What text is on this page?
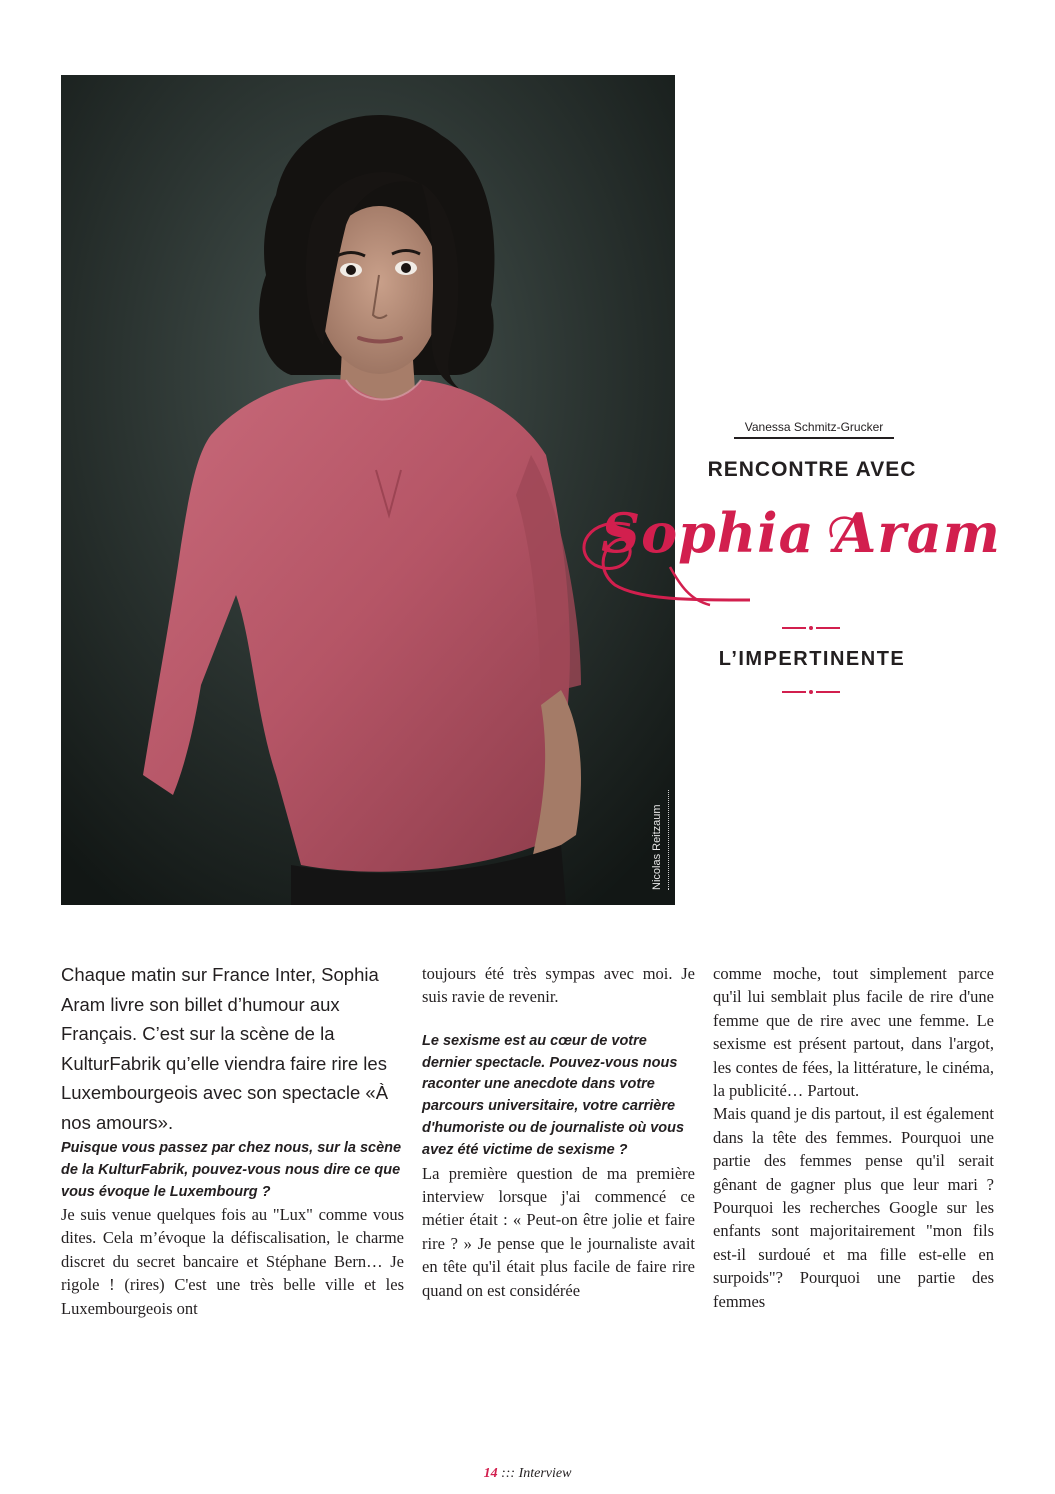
Nicolas Reitzaum
Vanessa Schmitz-Grucker
RENCONTRE AVEC
Sophia Aram
L’IMPERTINENTE

Chaque matin sur France Inter, Sophia Aram livre son billet d’humour aux Français. C’est sur la scène de la KulturFabrik qu’elle viendra faire rire les Luxembourgeois avec son spectacle «À nos amours».

Puisque vous passez par chez nous, sur la scène de la KulturFabrik, pouvez-vous nous dire ce que vous évoque le Luxembourg ?

Je suis venue quelques fois au "Lux" comme vous dites. Cela m’évoque la défiscalisation, le charme discret du secret bancaire et Stéphane Bern… Je rigole ! (rires) C'est une très belle ville et les Luxembourgeois ont

toujours été très sympas avec moi. Je suis ravie de revenir.

Le sexisme est au cœur de votre dernier spectacle. Pouvez-vous nous raconter une anecdote dans votre parcours universitaire, votre carrière d'humoriste ou de journaliste où vous avez été victime de sexisme ?

La première question de ma première interview lorsque j'ai commencé ce métier était : « Peut-on être jolie et faire rire ? » Je pense que le journaliste avait en tête qu'il était plus facile de faire rire quand on est considérée

comme moche, tout simplement parce qu'il lui semblait plus facile de rire d'une femme que de rire avec une femme. Le sexisme est présent partout, dans l'argot, les contes de fées, la littérature, le cinéma, la publicité… Partout.

Mais quand je dis partout, il est également dans la tête des femmes. Pourquoi une partie des femmes pense qu'il serait gênant de gagner plus que leur mari ? Pourquoi les recherches Google sur les enfants sont majoritairement "mon fils est-il surdoué et ma fille est-elle en surpoids"? Pourquoi une partie des femmes

14 ::: Interview
